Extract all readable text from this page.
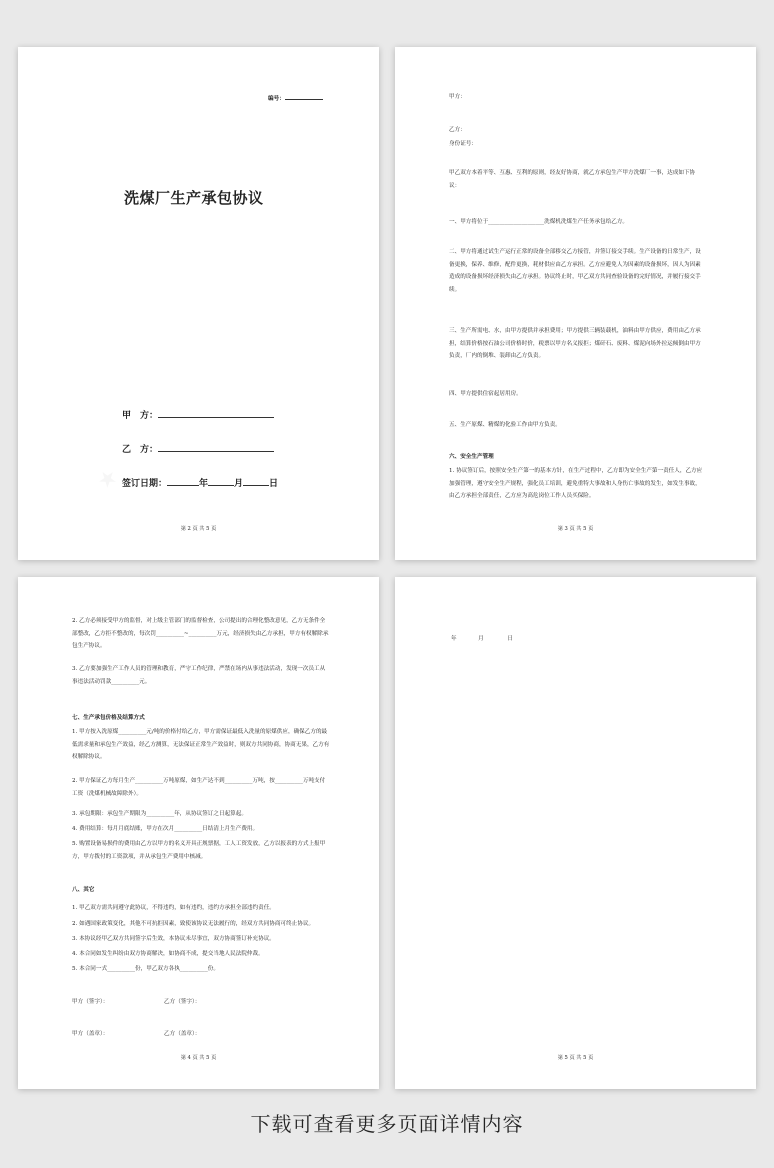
编号：
洗煤厂生产承包协议
甲　方：
乙　方：
签订日期：	年	月	日
第 2 页 共 5 页
甲方：
乙方：
身份证号：
甲乙双方本着平等、互惠、互利的原则，经友好协商，就乙方承包生产甲方洗煤厂一事，达成如下协议：
一、甲方将位于____________________洗煤机洗煤生产任务承包给乙方。
二、甲方将通过试生产运行正常的设备全部移交乙方接管，并签订接交手续。生产设备的日常生产，设备更换，保养、维修，配件更换，耗材供应由乙方承担。乙方应避免人为因素的设备损坏，因人为因素造成的设备损坏经济损失由乙方承担。协议终止时，甲乙双方共同查验设备的完好情况，并履行接交手续。
三、生产所需电、水，由甲方提供并承担费用；甲方提供三辆装载机，油料由甲方供应，费用由乙方承担，结算价格按石油公司价格时价，税票以甲方名义报拒；煤矸石、废料、煤泥向场外拉运倾倒由甲方负责，厂内的倒堆、装卸由乙方负责。
四、甲方提供住宿起居用房。
五、生产原煤、精煤的化验工作由甲方负责。
六、安全生产管理
1. 协议签订后，按照安全生产第一的基本方针，在生产过程中，乙方即为安全生产第一责任人，乙方应加强管理，遵守安全生产规程，强化员工培训，避免重特大事故和人身伤亡事故的发生，如发生事故，由乙方承担全部责任，乙方应为高危岗位工作人员买保险。
第 3 页 共 5 页
2. 乙方必须接受甲方的监督，对上级主管部门的监督检查，公司提出的合理化整改意见，乙方无条件全部整改，乙方拒不整改的，每次罚__________~__________万元，经济损失由乙方承担，甲方有权解除承包生产协议。
3. 乙方要加强生产工作人员的管理和教育，严守工作纪律，严禁在场内从事违法活动，发现一次员工从事违法活动罚款__________元。
七、生产承包价格及结算方式
1. 甲方按入洗原煤__________元/吨的价格付给乙方，甲方需保证最低入洗量的原煤供应，确保乙方的最低需求量和承包生产效益，经乙方测算，无法保证正常生产效益时，则双方共同协商，协商无果，乙方有权解除协议。
2. 甲方保证乙方每月生产__________万吨原煤，如生产达不到__________万吨，按__________万吨支付工资（洗煤机械故障除外）。
3. 承包期限：承包生产期限为__________年，从协议签订之日起算起。
4. 费用结算：每月月底结账，甲方在次月__________日结清上月生产费用。
5. 购置设备易损件的费用由乙方以甲方的名义开具正规票据，工人工资发放，乙方以报表的方式上报甲方，甲方拨付的工资款项，并从承包生产费用中核减。
八、其它
1. 甲乙双方需共同遵守此协议，不得违约，如有违约，违约方承担全部违约责任。
2. 如遇国家政策变化，其他不可抗拒因素，致使该协议无法履行的，经双方共同协商可终止协议。
3. 本协议经甲乙双方共同签字后生效，本协议未尽事宜，双方协商签订补充协议。
4. 本合同如发生纠纷由双方协商解决，如协商不成，提交当地人民法院仲裁。
5. 本合同一式__________份，甲乙双方各执__________份。
甲方（签字）：	乙方（签字）：
甲方（盖章）：	乙方（盖章）：
第 4 页 共 5 页
年	月	日
第 5 页 共 5 页
下载可查看更多页面详情内容
